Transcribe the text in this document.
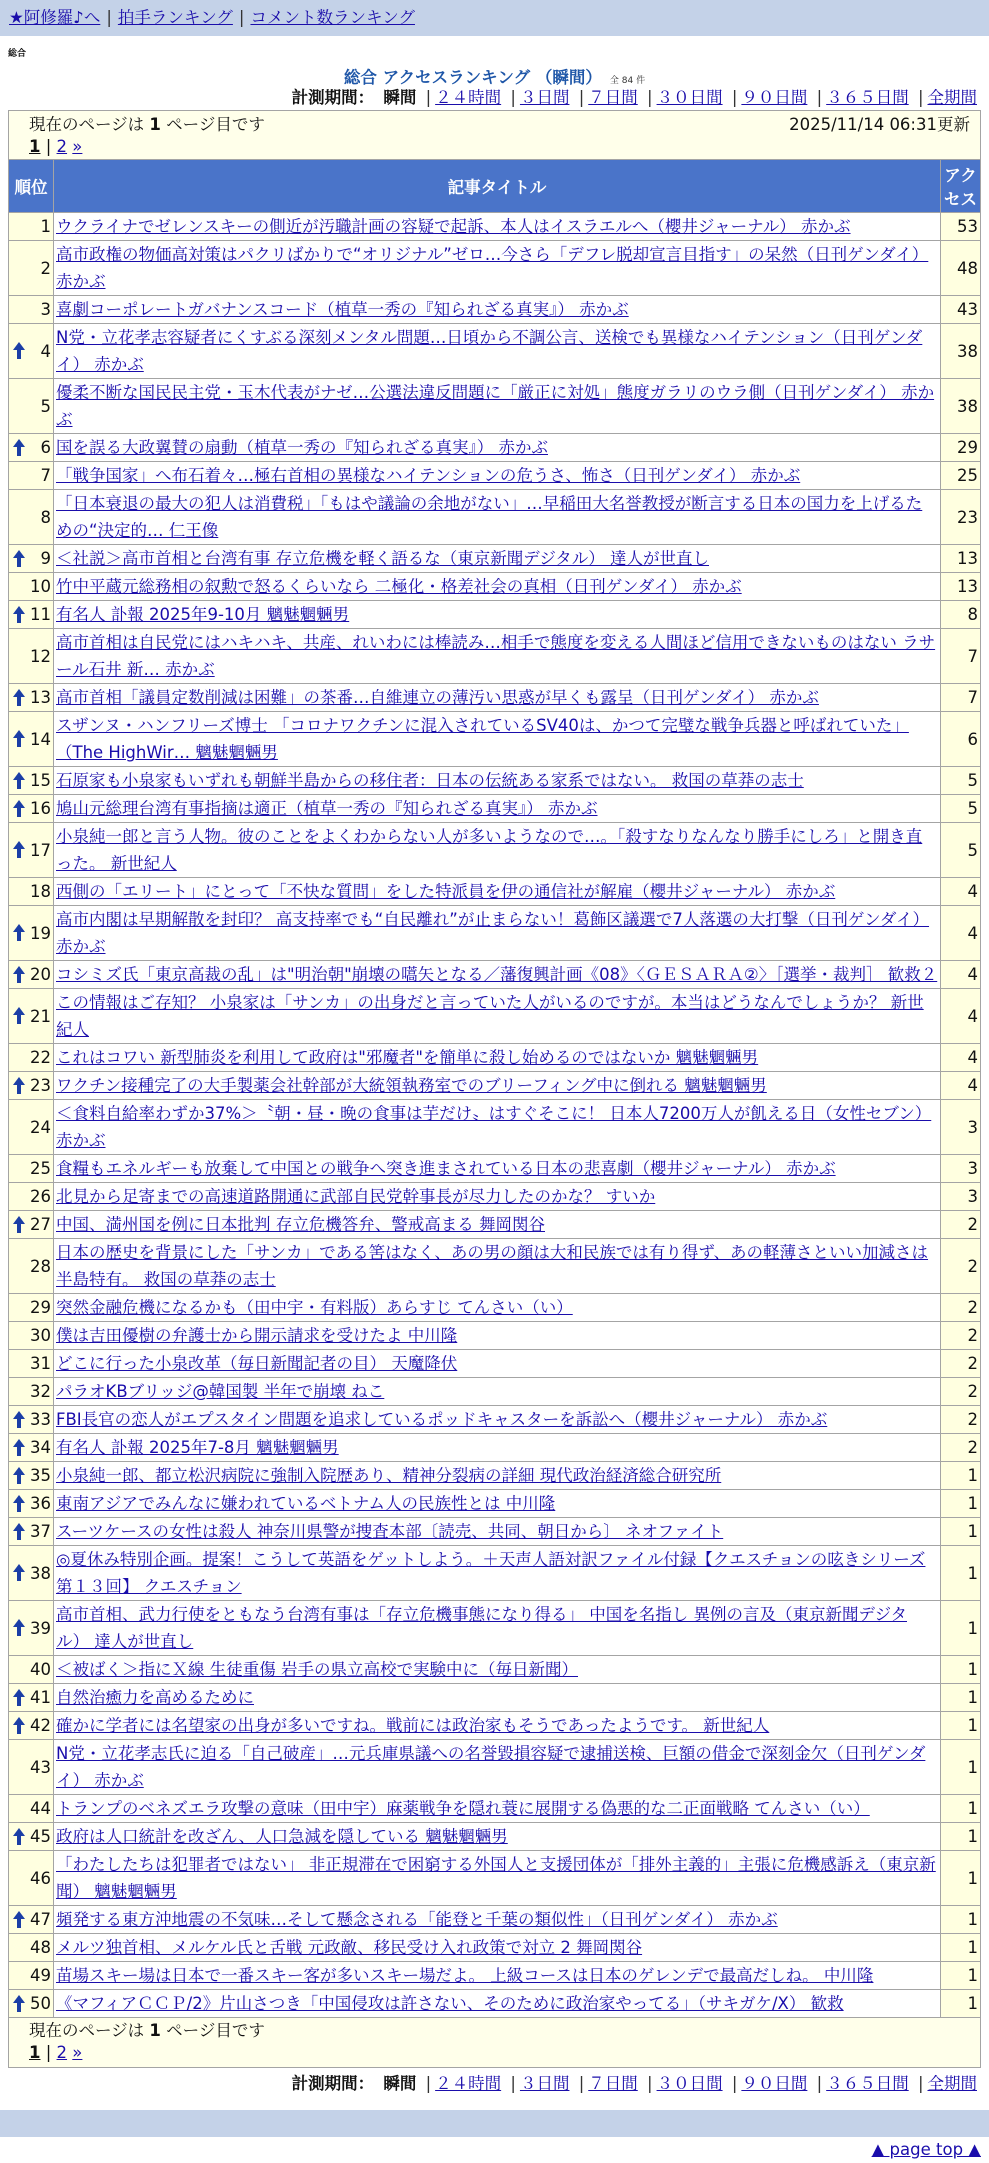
★阿修羅♪へ | 拍手ランキング | コメント数ランキング
総合
総合 アクセスランキング （瞬間） 全 84 件
計測期間： 瞬間 | ２４時間 | ３日間 | ７日間 | ３０日間 | ９０日間 | ３６５日間 | 全期間
現在のページは 1 ページ目です	2025/11/14 06:31更新
1 | 2 »
順位	記事タイトル	アクセス
1	ウクライナでゼレンスキーの側近が汚職計画の容疑で起訴、本人はイスラエルへ（櫻井ジャーナル） 赤かぶ	53
2	高市政権の物価高対策はパクリばかりで“オリジナル”ゼロ…今さら「デフレ脱却宣言目指す」の呆然（日刊ゲンダイ） 赤かぶ	48
3	喜劇コーポレートガバナンスコード（植草一秀の『知られざる真実』） 赤かぶ	43

4	N党・立花孝志容疑者にくすぶる深刻メンタル問題…日頃から不調公言、送検でも異様なハイテンション（日刊ゲンダイ） 赤かぶ	38
5	優柔不断な国民民主党・玉木代表がナゼ…公選法違反問題に「厳正に対処」態度ガラリのウラ側（日刊ゲンダイ） 赤かぶ	38

6	国を誤る大政翼賛の扇動（植草一秀の『知られざる真実』） 赤かぶ	29
7	「戦争国家」へ布石着々…極右首相の異様なハイテンションの危うさ、怖さ（日刊ゲンダイ） 赤かぶ	25
8	「日本衰退の最大の犯人は消費税」「もはや議論の余地がない」…早稲田大名誉教授が断言する日本の国力を上げるための“決定的… 仁王像	23

9	＜社説＞高市首相と台湾有事 存立危機を軽く語るな（東京新聞デジタル） 達人が世直し	13
10	竹中平蔵元総務相の叙勲で怒るくらいなら 二極化・格差社会の真相（日刊ゲンダイ） 赤かぶ	13

11	有名人 訃報 2025年9-10月 魑魅魍魎男	8
12	高市首相は自民党にはハキハキ、共産、れいわには棒読み…相手で態度を変える人間ほど信用できないものはない ラサール石井 新… 赤かぶ	7

13	高市首相「議員定数削減は困難」の茶番…自維連立の薄汚い思惑が早くも露呈（日刊ゲンダイ） 赤かぶ	7

14	スザンヌ・ハンフリーズ博士 「コロナワクチンに混入されているSV40は、かつて完璧な戦争兵器と呼ばれていた」（The HighWir… 魑魅魍魎男	6

15	石原家も小泉家もいずれも朝鮮半島からの移住者：日本の伝統ある家系ではない。 救国の草莽の志士	5

16	鳩山元総理台湾有事指摘は適正（植草一秀の『知られざる真実』） 赤かぶ	5

17	小泉純一郎と言う人物。彼のことをよくわからない人が多いようなので…。「殺すなりなんなり勝手にしろ」と開き直った。 新世紀人	5
18	西側の「エリート」にとって「不快な質問」をした特派員を伊の通信社が解雇（櫻井ジャーナル） 赤かぶ	4

19	高市内閣は早期解散を封印？ 高支持率でも“自民離れ”が止まらない！葛飾区議選で7人落選の大打撃（日刊ゲンダイ） 赤かぶ	4

20	コシミズ氏「東京高裁の乱」は"明治朝"崩壊の嚆矢となる／藩復興計画《08》〈ＧＥＳＡＲＡ②〉［選挙・裁判］ 歓救２	4

21	この情報はご存知？ 小泉家は「サンカ」の出身だと言っていた人がいるのですが。本当はどうなんでしょうか？ 新世紀人	4
22	これはコワい 新型肺炎を利用して政府は"邪魔者"を簡単に殺し始めるのではないか 魑魅魍魎男	4

23	ワクチン接種完了の大手製薬会社幹部が大統領執務室でのブリーフィング中に倒れる 魑魅魍魎男	4
24	＜食料自給率わずか37%＞〝朝・昼・晩の食事は芋だけ〟はすぐそこに！ 日本人7200万人が飢える日（女性セブン） 赤かぶ	3
25	食糧もエネルギーも放棄して中国との戦争へ突き進まされている日本の悲喜劇（櫻井ジャーナル） 赤かぶ	3
26	北見から足寄までの高速道路開通に武部自民党幹事長が尽力したのかな？ すいか	3

27	中国、満州国を例に日本批判 存立危機答弁、警戒高まる 舞岡関谷	2
28	日本の歴史を背景にした「サンカ」である筈はなく、あの男の顔は大和民族では有り得ず、あの軽薄さといい加減さは半島特有。 救国の草莽の志士	2
29	突然金融危機になるかも（田中宇・有料版）あらすじ てんさい（い）	2
30	僕は吉田優樹の弁護士から開示請求を受けたよ 中川隆	2
31	どこに行った小泉改革（毎日新聞記者の目） 天魔降伏	2
32	パラオKBブリッジ@韓国製 半年で崩壊 ねこ	2

33	FBI長官の恋人がエプスタイン問題を追求しているポッドキャスターを訴訟へ（櫻井ジャーナル） 赤かぶ	2

34	有名人 訃報 2025年7-8月 魑魅魍魎男	2

35	小泉純一郎、都立松沢病院に強制入院歴あり、精神分裂病の詳細 現代政治経済総合研究所	1

36	東南アジアでみんなに嫌われているベトナム人の民族性とは 中川隆	1

37	スーツケースの女性は殺人 神奈川県警が捜査本部〔読売、共同、朝日から〕 ネオファイト	1

38	◎夏休み特別企画。提案！こうして英語をゲットしよう。＋天声人語対訳ファイル付録【クエスチョンの呟きシリーズ第１３回】 クエスチョン	1

39	高市首相、武力行使をともなう台湾有事は「存立危機事態になり得る」 中国を名指し 異例の言及（東京新聞デジタル） 達人が世直し	1
40	＜被ばく＞指にＸ線 生徒重傷 岩手の県立高校で実験中に（毎日新聞）	1

41	自然治癒力を高めるために	1

42	確かに学者には名望家の出身が多いですね。戦前には政治家もそうであったようです。 新世紀人	1
43	N党・立花孝志氏に迫る「自己破産」…元兵庫県議への名誉毀損容疑で逮捕送検、巨額の借金で深刻金欠（日刊ゲンダイ） 赤かぶ	1
44	トランプのベネズエラ攻撃の意味（田中宇）麻薬戦争を隠れ蓑に展開する偽悪的な二正面戦略 てんさい（い）	1

45	政府は人口統計を改ざん、人口急減を隠している 魑魅魍魎男	1
46	「わたしたちは犯罪者ではない」 非正規滞在で困窮する外国人と支援団体が「排外主義的」主張に危機感訴え（東京新聞） 魑魅魍魎男	1

47	頻発する東方沖地震の不気味…そして懸念される「能登と千葉の類似性」（日刊ゲンダイ） 赤かぶ	1
48	メルツ独首相、メルケル氏と舌戦 元政敵、移民受け入れ政策で対立 2 舞岡関谷	1
49	苗場スキー場は日本で一番スキー客が多いスキー場だよ。 上級コースは日本のゲレンデで最高だしね。 中川隆	1

50	《マフィアＣＣＰ/2》片山さつき「中国侵攻は許さない、そのために政治家やってる」（サキガケ/X） 歓救	1
現在のページは 1 ページ目です
1 | 2 »
計測期間： 瞬間 | ２４時間 | ３日間 | ７日間 | ３０日間 | ９０日間 | ３６５日間 | 全期間
▲ page top ▲
